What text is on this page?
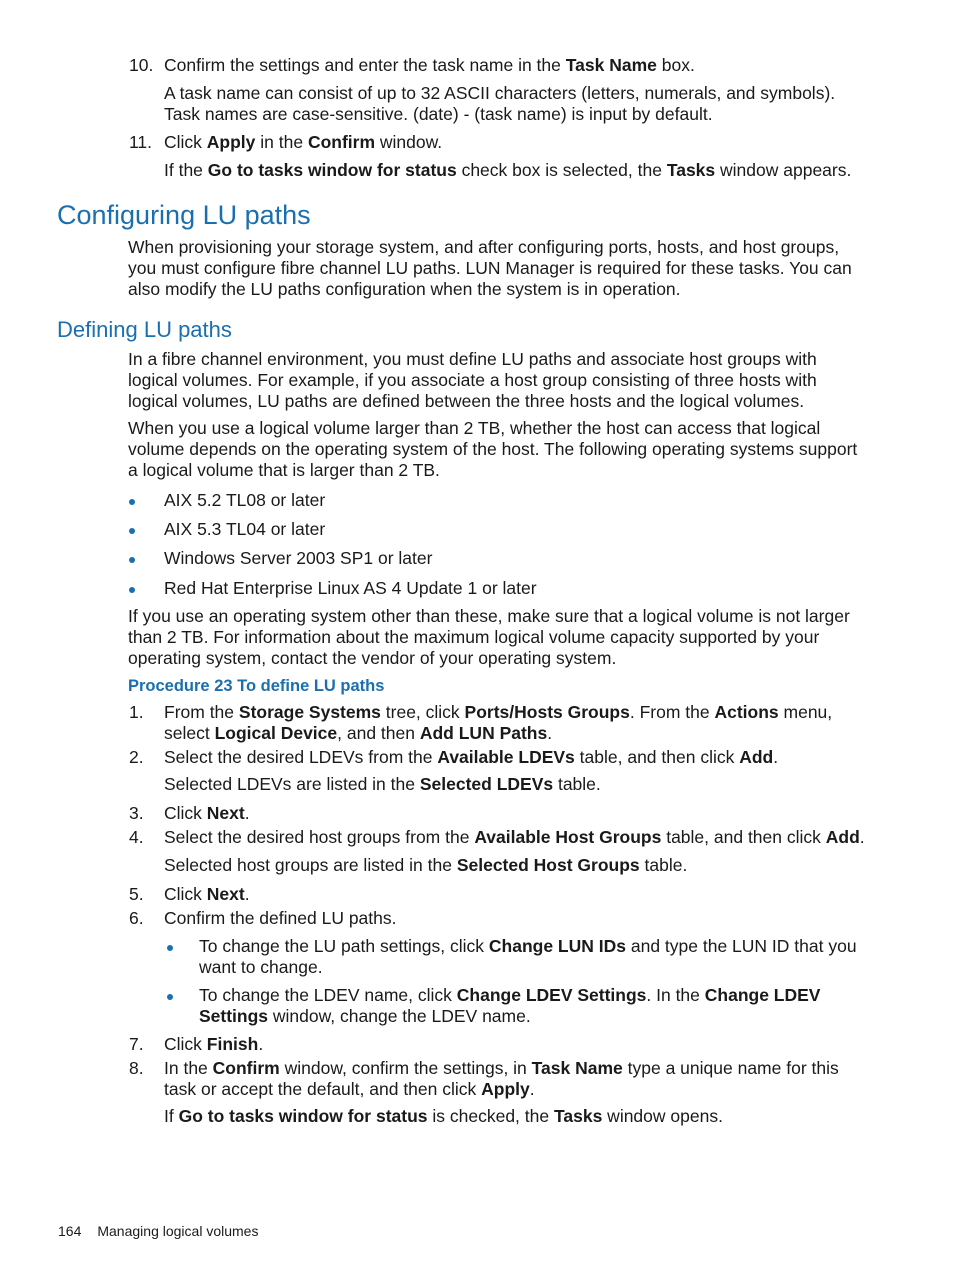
10. Confirm the settings and enter the task name in the Task Name box.
A task name can consist of up to 32 ASCII characters (letters, numerals, and symbols). Task names are case-sensitive. (date) - (task name) is input by default.
11. Click Apply in the Confirm window.
If the Go to tasks window for status check box is selected, the Tasks window appears.
Configuring LU paths
When provisioning your storage system, and after configuring ports, hosts, and host groups, you must configure fibre channel LU paths. LUN Manager is required for these tasks. You can also modify the LU paths configuration when the system is in operation.
Defining LU paths
In a fibre channel environment, you must define LU paths and associate host groups with logical volumes. For example, if you associate a host group consisting of three hosts with logical volumes, LU paths are defined between the three hosts and the logical volumes.
When you use a logical volume larger than 2 TB, whether the host can access that logical volume depends on the operating system of the host. The following operating systems support a logical volume that is larger than 2 TB.
AIX 5.2 TL08 or later
AIX 5.3 TL04 or later
Windows Server 2003 SP1 or later
Red Hat Enterprise Linux AS 4 Update 1 or later
If you use an operating system other than these, make sure that a logical volume is not larger than 2 TB. For information about the maximum logical volume capacity supported by your operating system, contact the vendor of your operating system.
Procedure 23 To define LU paths
1. From the Storage Systems tree, click Ports/Hosts Groups. From the Actions menu, select Logical Device, and then Add LUN Paths.
2. Select the desired LDEVs from the Available LDEVs table, and then click Add.
Selected LDEVs are listed in the Selected LDEVs table.
3. Click Next.
4. Select the desired host groups from the Available Host Groups table, and then click Add.
Selected host groups are listed in the Selected Host Groups table.
5. Click Next.
6. Confirm the defined LU paths.
To change the LU path settings, click Change LUN IDs and type the LUN ID that you want to change.
To change the LDEV name, click Change LDEV Settings. In the Change LDEV Settings window, change the LDEV name.
7. Click Finish.
8. In the Confirm window, confirm the settings, in Task Name type a unique name for this task or accept the default, and then click Apply.
If Go to tasks window for status is checked, the Tasks window opens.
164 Managing logical volumes
